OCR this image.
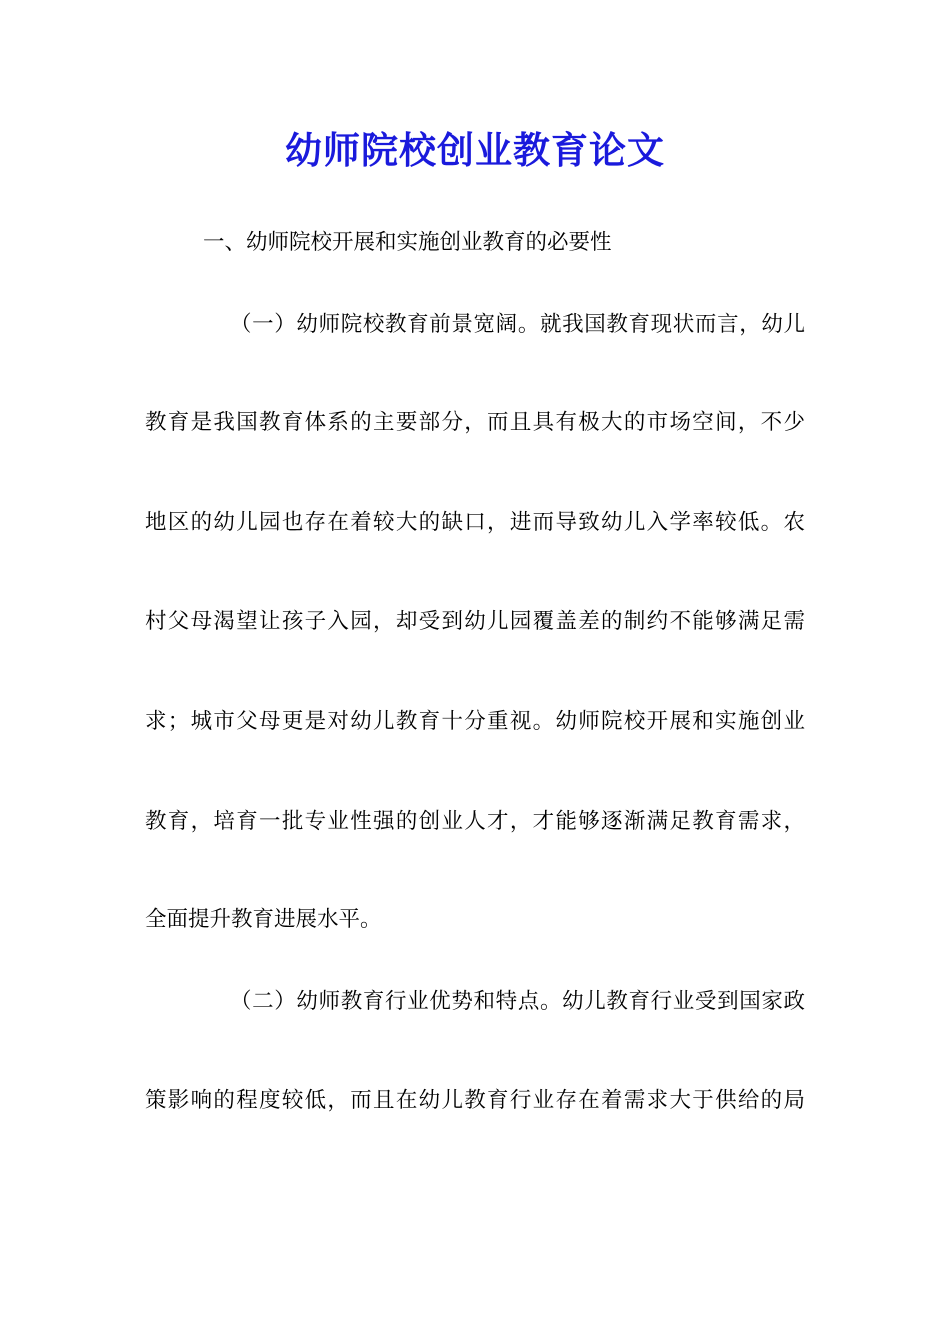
幼师院校创业教育论文

一、幼师院校开展和实施创业教育的必要性

（一）幼师院校教育前景宽阔。就我国教育现状而言，幼儿

教育是我国教育体系的主要部分，而且具有极大的市场空间，不少

地区的幼儿园也存在着较大的缺口，进而导致幼儿入学率较低。农

村父母渴望让孩子入园，却受到幼儿园覆盖差的制约不能够满足需

求；城市父母更是对幼儿教育十分重视。幼师院校开展和实施创业

教育，培育一批专业性强的创业人才，才能够逐渐满足教育需求，

全面提升教育进展水平。

（二）幼师教育行业优势和特点。幼儿教育行业受到国家政

策影响的程度较低，而且在幼儿教育行业存在着需求大于供给的局
